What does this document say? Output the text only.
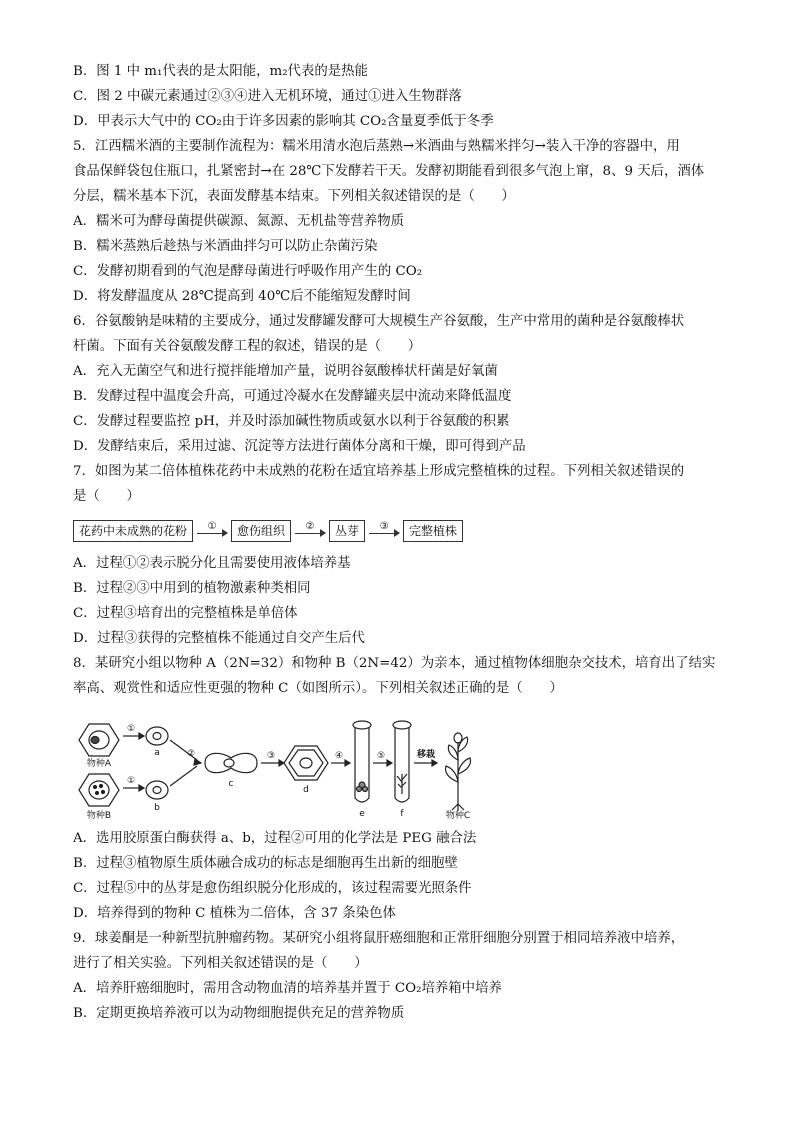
B．图 1 中 m₁代表的是太阳能，m₂代表的是热能
C．图 2 中碳元素通过②③④进入无机环境，通过①进入生物群落
D．甲表示大气中的 CO₂由于许多因素的影响其 CO₂含量夏季低于冬季
5．江西糯米酒的主要制作流程为：糯米用清水泡后蒸熟→米酒曲与熟糯米拌匀→装入干净的容器中，用
食品保鲜袋包住瓶口，扎紧密封→在 28℃下发酵若干天。发酵初期能看到很多气泡上窜，8、9 天后，酒体
分层，糯米基本下沉，表面发酵基本结束。下列相关叙述错误的是（　　）
A．糯米可为酵母菌提供碳源、氮源、无机盐等营养物质
B．糯米蒸熟后趁热与米酒曲拌匀可以防止杂菌污染
C．发酵初期看到的气泡是酵母菌进行呼吸作用产生的 CO₂
D．将发酵温度从 28℃提高到 40℃后不能缩短发酵时间
6．谷氨酸钠是味精的主要成分，通过发酵罐发酵可大规模生产谷氨酸，生产中常用的菌种是谷氨酸棒状
杆菌。下面有关谷氨酸发酵工程的叙述，错误的是（　　）
A．充入无菌空气和进行搅拌能增加产量，说明谷氨酸棒状杆菌是好氧菌
B．发酵过程中温度会升高，可通过冷凝水在发酵罐夹层中流动来降低温度
C．发酵过程要监控 pH，并及时添加碱性物质或氨水以利于谷氨酸的积累
D．发酵结束后，采用过滤、沉淀等方法进行菌体分离和干燥，即可得到产品
7．如图为某二倍体植株花药中未成熟的花粉在适宜培养基上形成完整植株的过程。下列相关叙述错误的
是（　　）
花药中未成熟的花粉	①	愈伤组织	②	丛芽	③	完整植株
A．过程①②表示脱分化且需要使用液体培养基
B．过程②③中用到的植物激素种类相同
C．过程③培育出的完整植株是单倍体
D．过程③获得的完整植株不能通过自交产生后代
8．某研究小组以物种 A（2N=32）和物种 B（2N=42）为亲本，通过植物体细胞杂交技术，培育出了结实
率高、观赏性和适应性更强的物种 C（如图所示）。下列相关叙述正确的是（　　）
物种A
物种B
a
b
c
d
e	f
①
①
②	③	④	⑤	移栽
物种C
A．选用胶原蛋白酶获得 a、b，过程②可用的化学法是 PEG 融合法
B．过程③植物原生质体融合成功的标志是细胞再生出新的细胞壁
C．过程⑤中的丛芽是愈伤组织脱分化形成的，该过程需要光照条件
D．培养得到的物种 C 植株为二倍体，含 37 条染色体
9．球姜酮是一种新型抗肿瘤药物。某研究小组将鼠肝癌细胞和正常肝细胞分别置于相同培养液中培养，
进行了相关实验。下列相关叙述错误的是（　　）
A．培养肝癌细胞时，需用含动物血清的培养基并置于 CO₂培养箱中培养
B．定期更换培养液可以为动物细胞提供充足的营养物质
